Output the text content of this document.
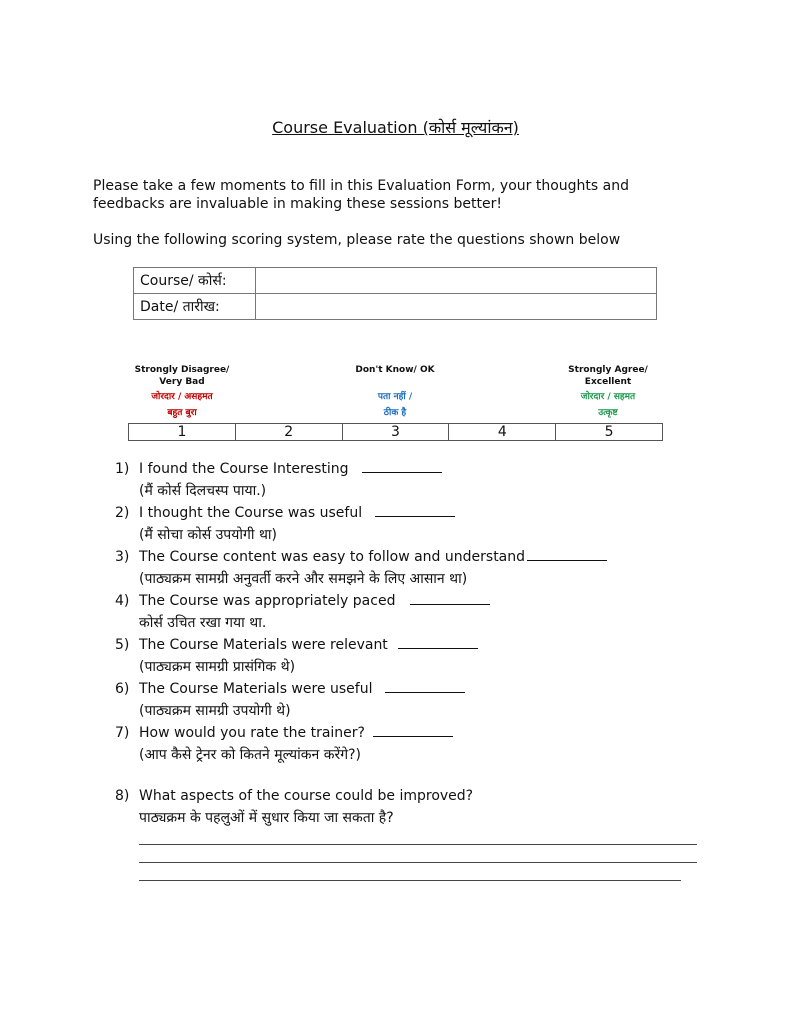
Course Evaluation (कोर्स मूल्यांकन)
Please take a few moments to fill in this Evaluation Form, your thoughts and feedbacks are invaluable in making these sessions better!
Using the following scoring system, please rate the questions shown below
Course/ कोर्स:	
Date/ तारीख:	
Strongly Disagree/ Very Bad
जोरदार / असहमत
बहुत बुरा
Don't Know/ OK
पता नहीं /
ठीक है
Strongly Agree/ Excellent
जोरदार / सहमत
उत्कृष्ट
1	2	3	4	5
1) I found the Course Interesting
(मैं कोर्स दिलचस्प पाया.)
2) I thought the Course was useful
(मैं सोचा कोर्स उपयोगी था)
3) The Course content was easy to follow and understand
(पाठ्यक्रम सामग्री अनुवर्ती करने और समझने के लिए आसान था)
4) The Course was appropriately paced
कोर्स उचित रखा गया था.
5) The Course Materials were relevant
(पाठ्यक्रम सामग्री प्रासंगिक थे)
6) The Course Materials were useful
(पाठ्यक्रम सामग्री उपयोगी थे)
7) How would you rate the trainer?
(आप कैसे ट्रेनर को कितने मूल्यांकन करेंगे?)
8) What aspects of the course could be improved?
पाठ्यक्रम के पहलुओं में सुधार किया जा सकता है?
